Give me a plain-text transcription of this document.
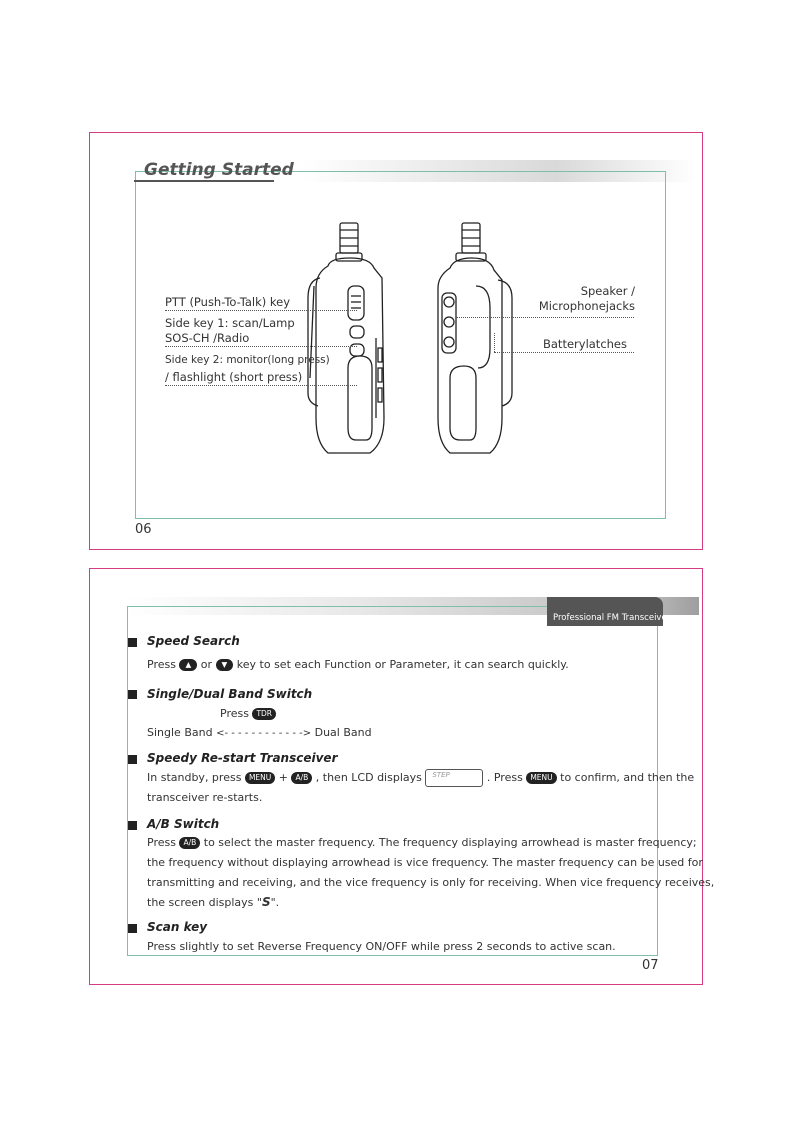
Getting Started
PTT (Push-To-Talk) key
Side key 1: scan/Lamp
SOS-CH /Radio
Side key 2: monitor(long press)
/ flashlight (short press)
Speaker /
Microphonejacks
Batterylatches
06
Professional FM Transceiver
Speed Search
Press ▲ or ▼ key to set each Function or Parameter, it can search quickly.
Single/Dual Band Switch
Press TDR
Single Band <- - - - - - - - - - - -> Dual Band
Speedy Re-start Transceiver
In standby, press MENU + A/B , then LCD displays STEP	. Press MENU to confirm, and then the
transceiver re-starts.
A/B Switch
Press A/B to select the master frequency. The frequency displaying arrowhead is master frequency;
the frequency without displaying arrowhead is vice frequency. The master frequency can be used for
transmitting and receiving, and the vice frequency is only for receiving. When vice frequency receives,
the screen displays "S".
Scan key
Press slightly to set Reverse Frequency ON/OFF while press 2 seconds to active scan.
07
